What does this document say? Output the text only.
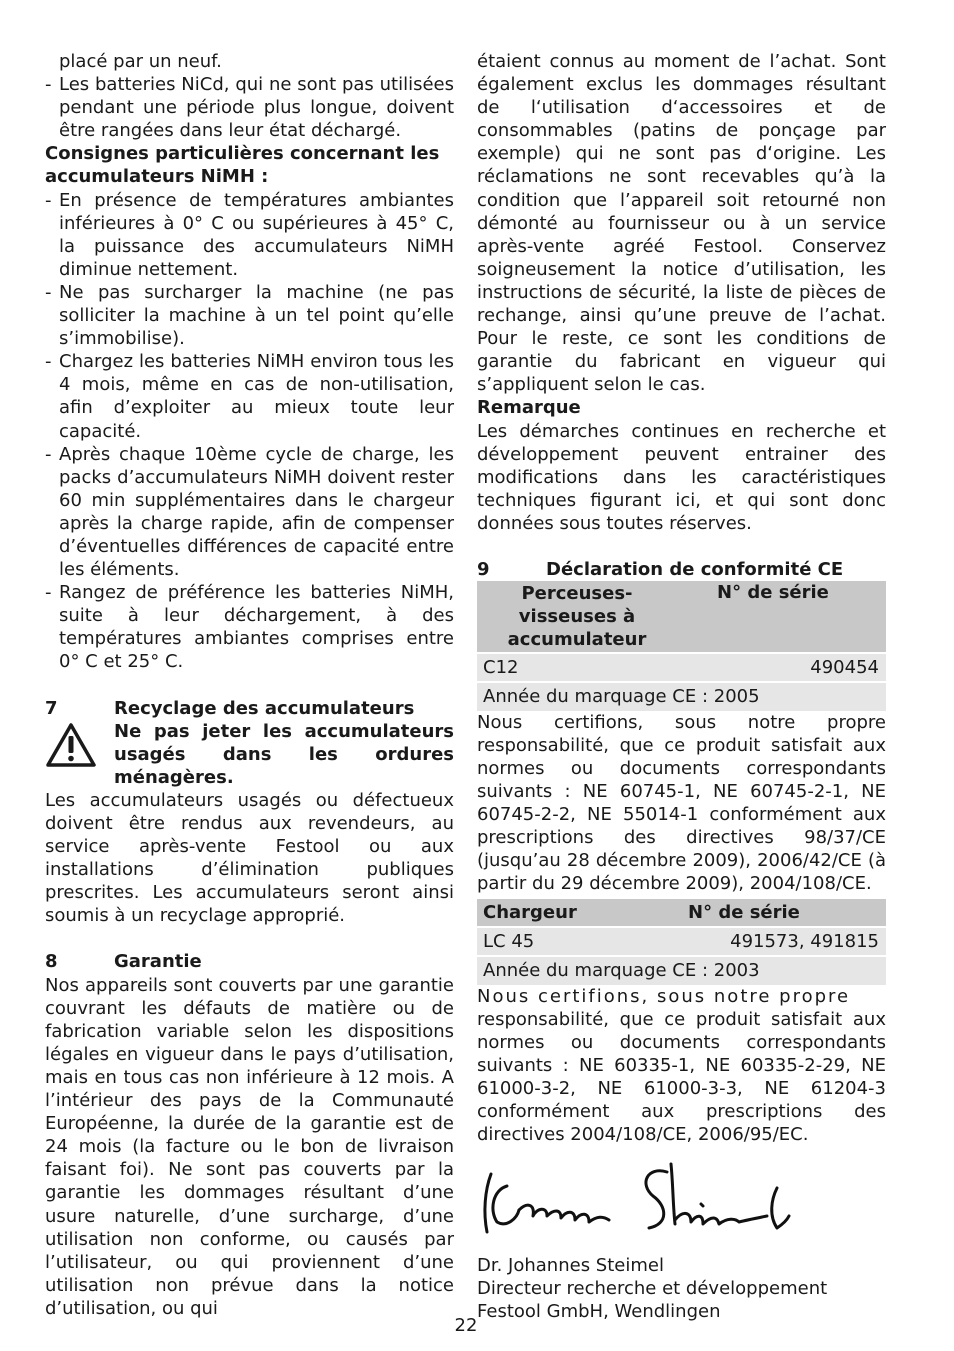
placé par un neuf.

- Les batteries NiCd, qui ne sont pas utilisées pendant une période plus longue, doivent être rangées dans leur état déchargé.

Consignes particulières concernant les accumulateurs NiMH :

- En présence de températures ambiantes inférieures à 0° C ou supérieures à 45° C, la puissance des accumulateurs NiMH diminue nettement.
- Ne pas surcharger la machine (ne pas solliciter la machine à un tel point qu’elle s’immobilise).
- Chargez les batteries NiMH environ tous les 4 mois, même en cas de non-utilisation, afin d’exploiter au mieux toute leur capacité.
- Après chaque 10ème cycle de charge, les packs d’accumulateurs NiMH doivent rester 60 min supplémentaires dans le chargeur après la charge rapide, afin de compenser d’éventuelles différences de capacité entre les éléments.
- Rangez de préférence les batteries NiMH, suite à leur déchargement, à des températures ambiantes comprises entre 0° C et 25° C.
7	Recyclage des accumulateurs
Ne pas jeter les accumulateurs usagés dans les ordures ménagères.

Les accumulateurs usagés ou défectueux doivent être rendus aux revendeurs, au service après-vente Festool ou aux installations d’élimination publiques prescrites. Les accumulateurs seront ainsi soumis à un recyclage approprié.

8	Garantie

Nos appareils sont couverts par une garantie couvrant les défauts de matière ou de fabrication variable selon les dispositions légales en vigueur dans le pays d’utilisation, mais en tous cas non inférieure à 12 mois. A l’intérieur des pays de la Communauté Européenne, la durée de la garantie est de 24 mois (la facture ou le bon de livraison faisant foi). Ne sont pas couverts par la garantie les dommages résultant d’une usure naturelle, d’une surcharge, d’une utilisation non conforme, ou causés par l’utilisateur, ou qui proviennent d’une utilisation non prévue dans la notice d’utilisation, ou qui

étaient connus au moment de l’achat. Sont également exclus les dommages résultant de l‘utilisation d‘accessoires et de consommables (patins de ponçage par exemple) qui ne sont pas d‘origine. Les réclamations ne sont recevables qu’à la condition que l’appareil soit retourné non démonté au fournisseur ou à un service après-vente agréé Festool. Conservez soigneusement la notice d’utilisation, les instructions de sécurité, la liste de pièces de rechange, ainsi qu’une preuve de l’achat. Pour le reste, ce sont les conditions de garantie du fabricant en vigueur qui s’appliquent selon le cas.

Remarque

Les démarches continues en recherche et développement peuvent entrainer des modifications dans les caractéristiques techniques figurant ici, et qui sont donc données sous toutes réserves.

9	Déclaration de conformité CE
Perceuses-visseuses à accumulateur
N° de série
C12	490454
Année du marquage CE : 2005

Nous certifions, sous notre propre responsabilité, que ce produit satisfait aux normes ou documents correspondants suivants : NE 60745-1, NE 60745-2-1, NE 60745-2-2, NE 55014-1 conformément aux prescriptions des directives 98/37/CE (jusqu’au 28 décembre 2009), 2006/42/CE (à partir du 29 décembre 2009), 2004/108/CE.

Chargeur	N° de série
LC 45	491573, 491815
Année du marquage CE : 2003

Nous certifions, sous notre propre

responsabilité, que ce produit satisfait aux normes ou documents correspondants suivants : NE 60335-1, NE 60335-2-29, NE 61000-3-2, NE 61000-3-3, NE 61204-3 conformément aux prescriptions des directives 2004/108/CE, 2006/95/EC.

Dr. Johannes Steimel

Directeur recherche et développement

Festool GmbH, Wendlingen

22
